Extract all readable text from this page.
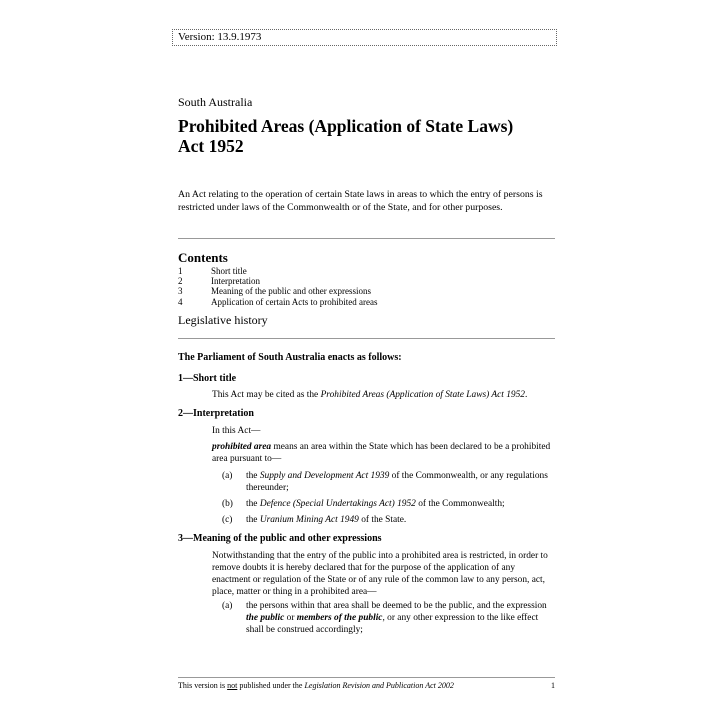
Version: 13.9.1973
South Australia
Prohibited Areas (Application of State Laws)
Act 1952
An Act relating to the operation of certain State laws in areas to which the entry of persons is restricted under laws of the Commonwealth or of the State, and for other purposes.
Contents
1	Short title
2	Interpretation
3	Meaning of the public and other expressions
4	Application of certain Acts to prohibited areas
Legislative history
The Parliament of South Australia enacts as follows:
1—Short title
This Act may be cited as the Prohibited Areas (Application of State Laws) Act 1952.
2—Interpretation
In this Act—
prohibited area means an area within the State which has been declared to be a prohibited area pursuant to—
(a)	the Supply and Development Act 1939 of the Commonwealth, or any regulations thereunder;
(b)	the Defence (Special Undertakings Act) 1952 of the Commonwealth;
(c)	the Uranium Mining Act 1949 of the State.
3—Meaning of the public and other expressions
Notwithstanding that the entry of the public into a prohibited area is restricted, in order to remove doubts it is hereby declared that for the purpose of the application of any enactment or regulation of the State or of any rule of the common law to any person, act, place, matter or thing in a prohibited area—
(a)	the persons within that area shall be deemed to be the public, and the expression the public or members of the public, or any other expression to the like effect shall be construed accordingly;
This version is not published under the Legislation Revision and Publication Act 2002	1
